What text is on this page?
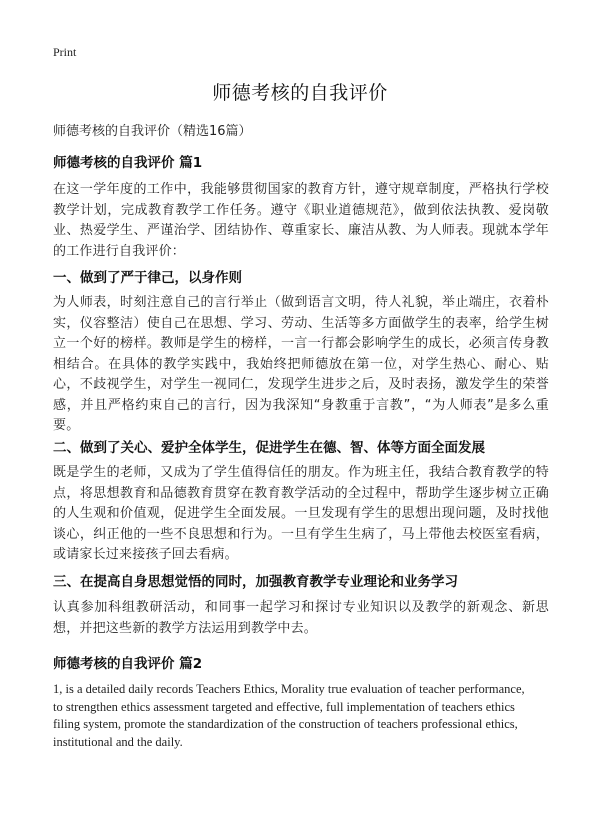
Print
师德考核的自我评价
师德考核的自我评价（精选16篇）
师德考核的自我评价 篇1
在这一学年度的工作中，我能够贯彻国家的教育方针，遵守规章制度，严格执行学校教学计划，完成教育教学工作任务。遵守《职业道德规范》，做到依法执教、爱岗敬业、热爱学生、严谨治学、团结协作、尊重家长、廉洁从教、为人师表。现就本学年的工作进行自我评价：
一、做到了严于律己，以身作则
为人师表，时刻注意自己的言行举止（做到语言文明，待人礼貌，举止端庄，衣着朴实，仪容整洁）使自己在思想、学习、劳动、生活等多方面做学生的表率，给学生树立一个好的榜样。教师是学生的榜样，一言一行都会影响学生的成长，必须言传身教相结合。在具体的教学实践中，我始终把师德放在第一位，对学生热心、耐心、贴心，不歧视学生，对学生一视同仁，发现学生进步之后，及时表扬，激发学生的荣誉感，并且严格约束自己的言行，因为我深知“身教重于言教”，“为人师表”是多么重要。
二、做到了关心、爱护全体学生，促进学生在德、智、体等方面全面发展
既是学生的老师，又成为了学生值得信任的朋友。作为班主任，我结合教育教学的特点，将思想教育和品德教育贯穿在教育教学活动的全过程中，帮助学生逐步树立正确的人生观和价值观，促进学生全面发展。一旦发现有学生的思想出现问题，及时找他谈心，纠正他的一些不良思想和行为。一旦有学生生病了，马上带他去校医室看病，或请家长过来接孩子回去看病。
三、在提高自身思想觉悟的同时，加强教育教学专业理论和业务学习
认真参加科组教研活动，和同事一起学习和探讨专业知识以及教学的新观念、新思想，并把这些新的教学方法运用到教学中去。
师德考核的自我评价 篇2
1, is a detailed daily records Teachers Ethics, Morality true evaluation of teacher performance, to strengthen ethics assessment targeted and effective, full implementation of teachers ethics filing system, promote the standardization of the construction of teachers professional ethics, institutional and the daily.
